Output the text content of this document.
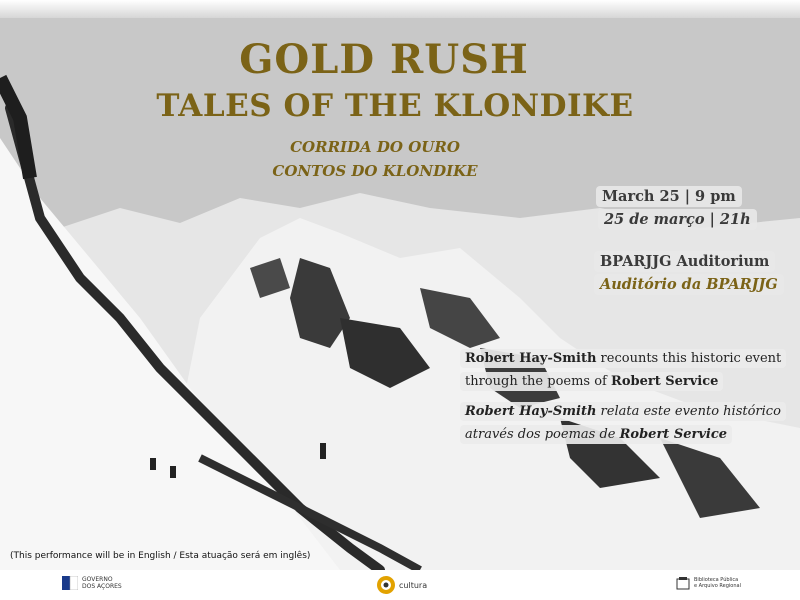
GOLD RUSH
TALES OF THE KLONDIKE
CORRIDA DO OURO
CONTOS DO KLONDIKE
March 25 | 9 pm
25 de março | 21h
BPARJJG Auditorium
Auditório da BPARJJG
Robert Hay-Smith recounts this historic event
through the poems of Robert Service
Robert Hay-Smith relata este evento histórico
através dos poemas de Robert Service
(This performance will be in English / Esta atuação será em inglês)
GOVERNO
DOS AÇORES	cultura
Biblioteca Pública
e Arquivo Regional
